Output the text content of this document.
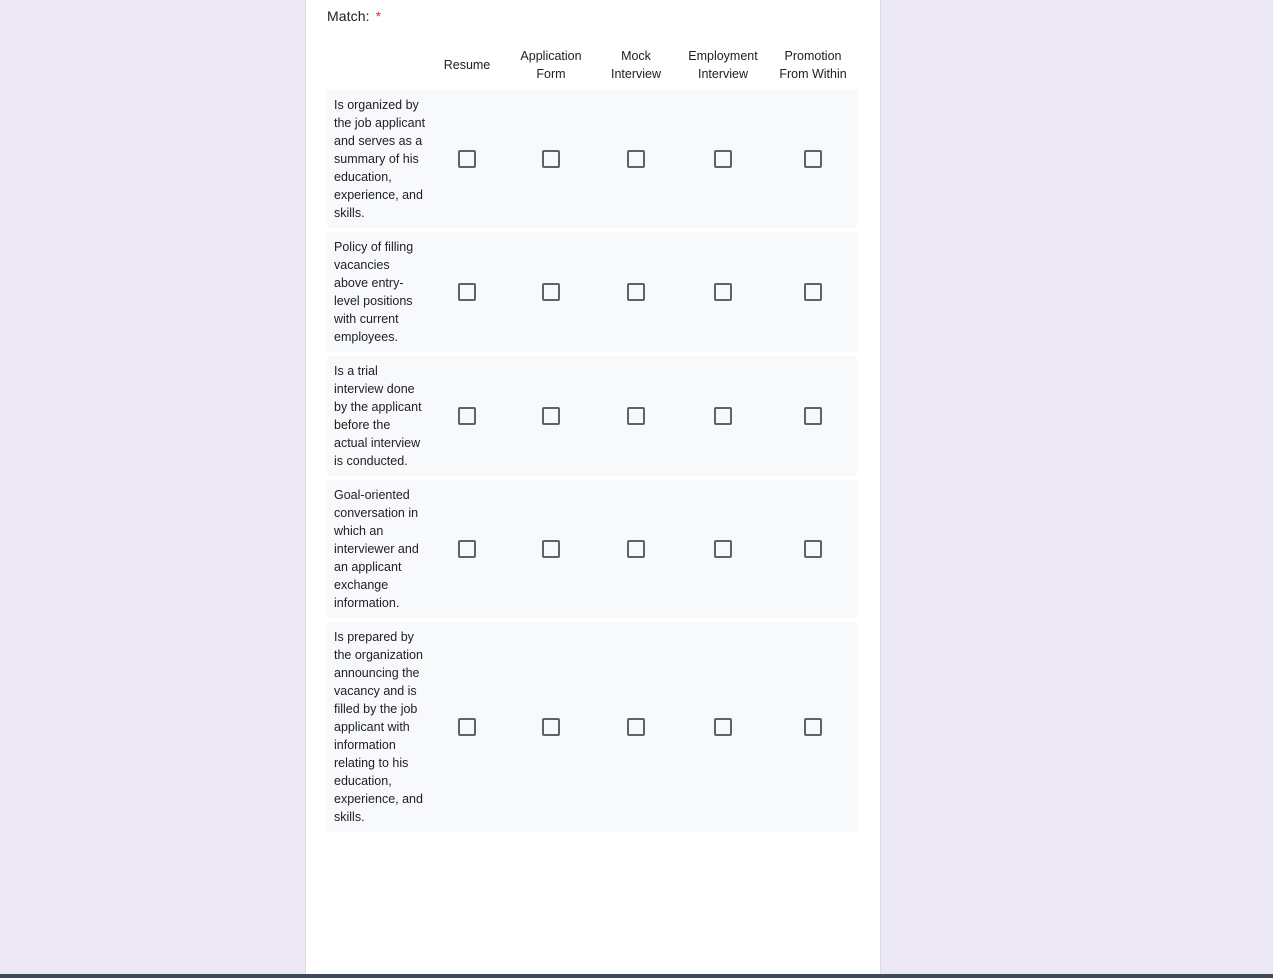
Match: *
Resume
Application Form
Mock Interview
Employment Interview
Promotion From Within
Is organized by the job applicant and serves as a summary of his education, experience, and skills.
Policy of filling vacancies above entry-level positions with current employees.
Is a trial interview done by the applicant before the actual interview is conducted.
Goal-oriented conversation in which an interviewer and an applicant exchange information.
Is prepared by the organization announcing the vacancy and is filled by the job applicant with information relating to his education, experience, and skills.
